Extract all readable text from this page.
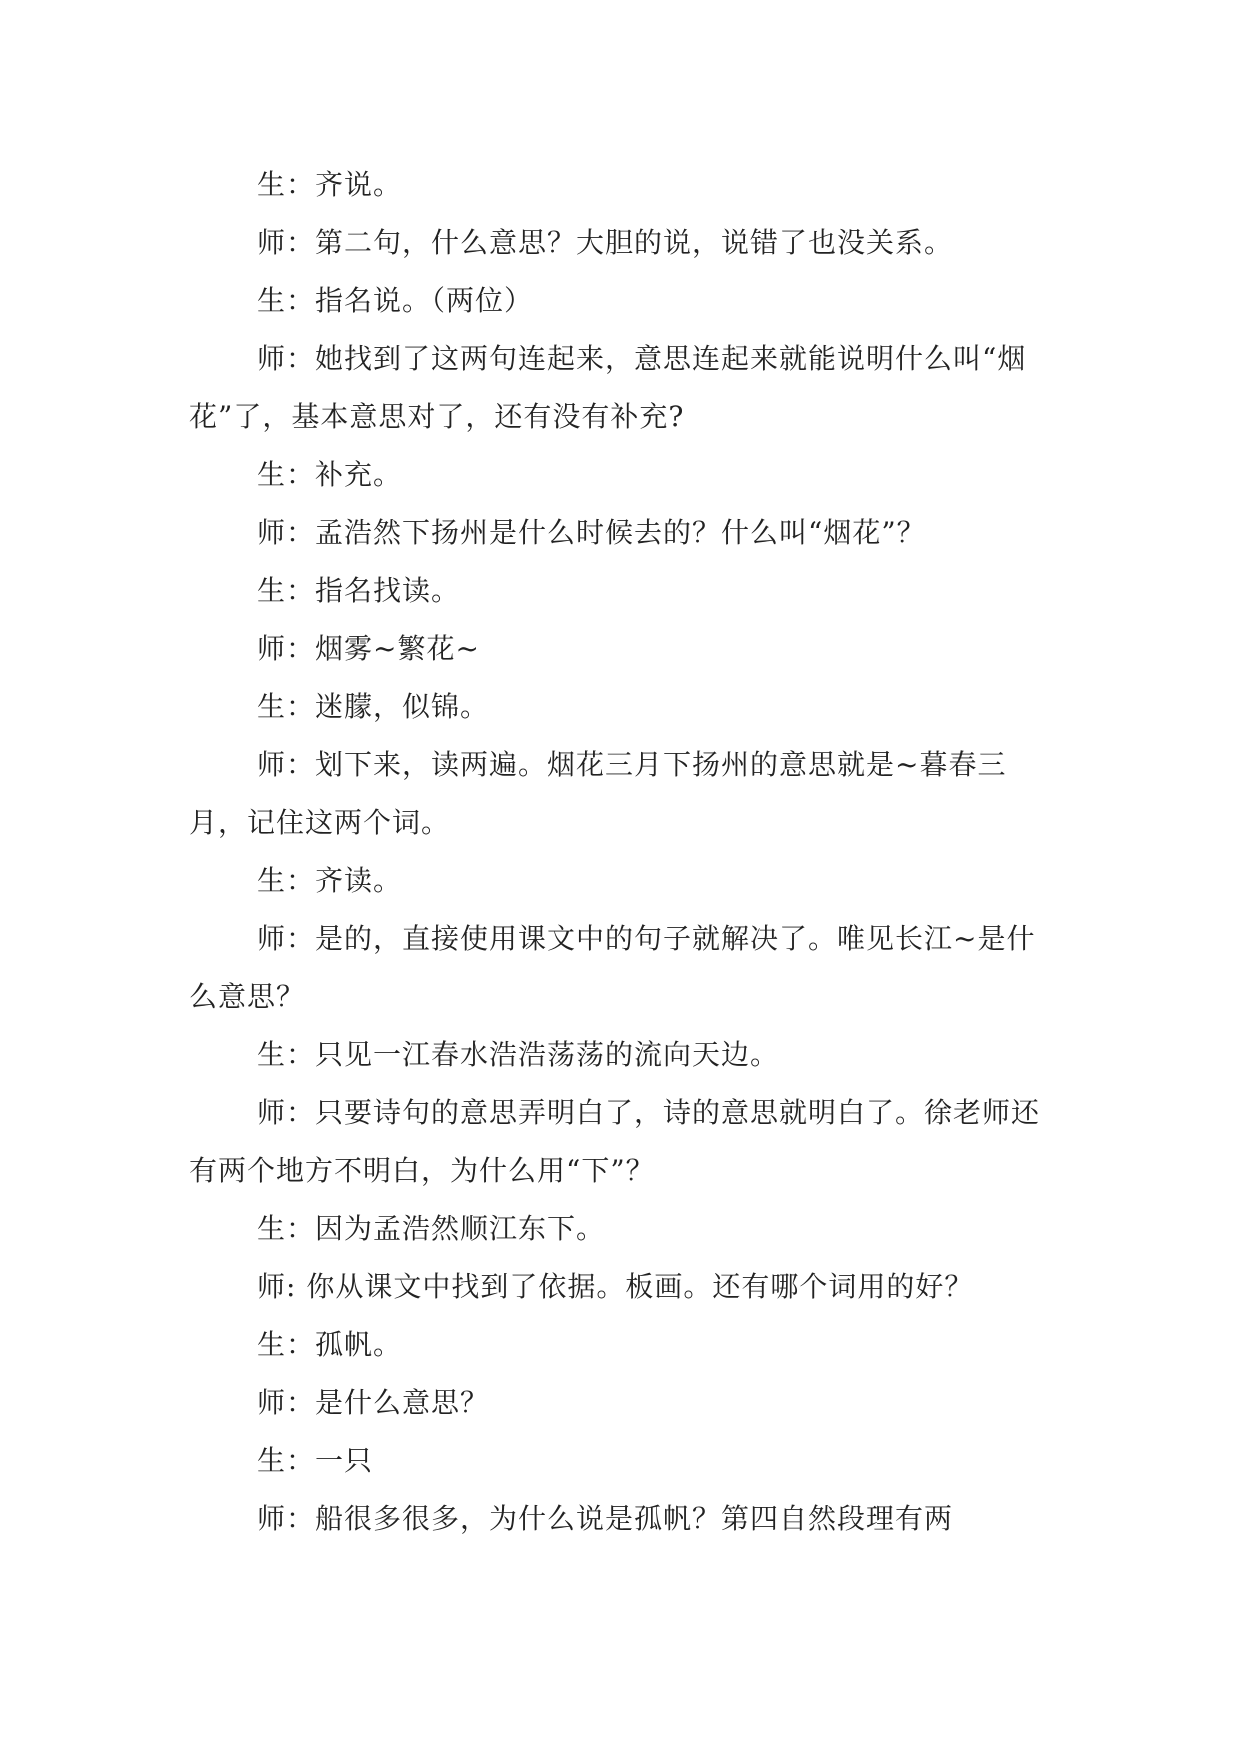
生：齐说。

师：第二句，什么意思？大胆的说，说错了也没关系。

生：指名说。（两位）

师：她找到了这两句连起来，意思连起来就能说明什么叫“烟花”了，基本意思对了，还有没有补充?

生：补充。

师：孟浩然下扬州是什么时候去的？什么叫“烟花”？

生：指名找读。

师：烟雾~繁花~

生：迷朦，似锦。

师：划下来，读两遍。烟花三月下扬州的意思就是~暮春三月，记住这两个词。

生：齐读。

师：是的，直接使用课文中的句子就解决了。唯见长江~是什么意思？

生：只见一江春水浩浩荡荡的流向天边。

师：只要诗句的意思弄明白了，诗的意思就明白了。徐老师还有两个地方不明白，为什么用“下”？

生：因为孟浩然顺江东下。

师: 你从课文中找到了依据。板画。还有哪个词用的好？

生：孤帆。

师：是什么意思？

生：一只

师：船很多很多，为什么说是孤帆？第四自然段理有两
